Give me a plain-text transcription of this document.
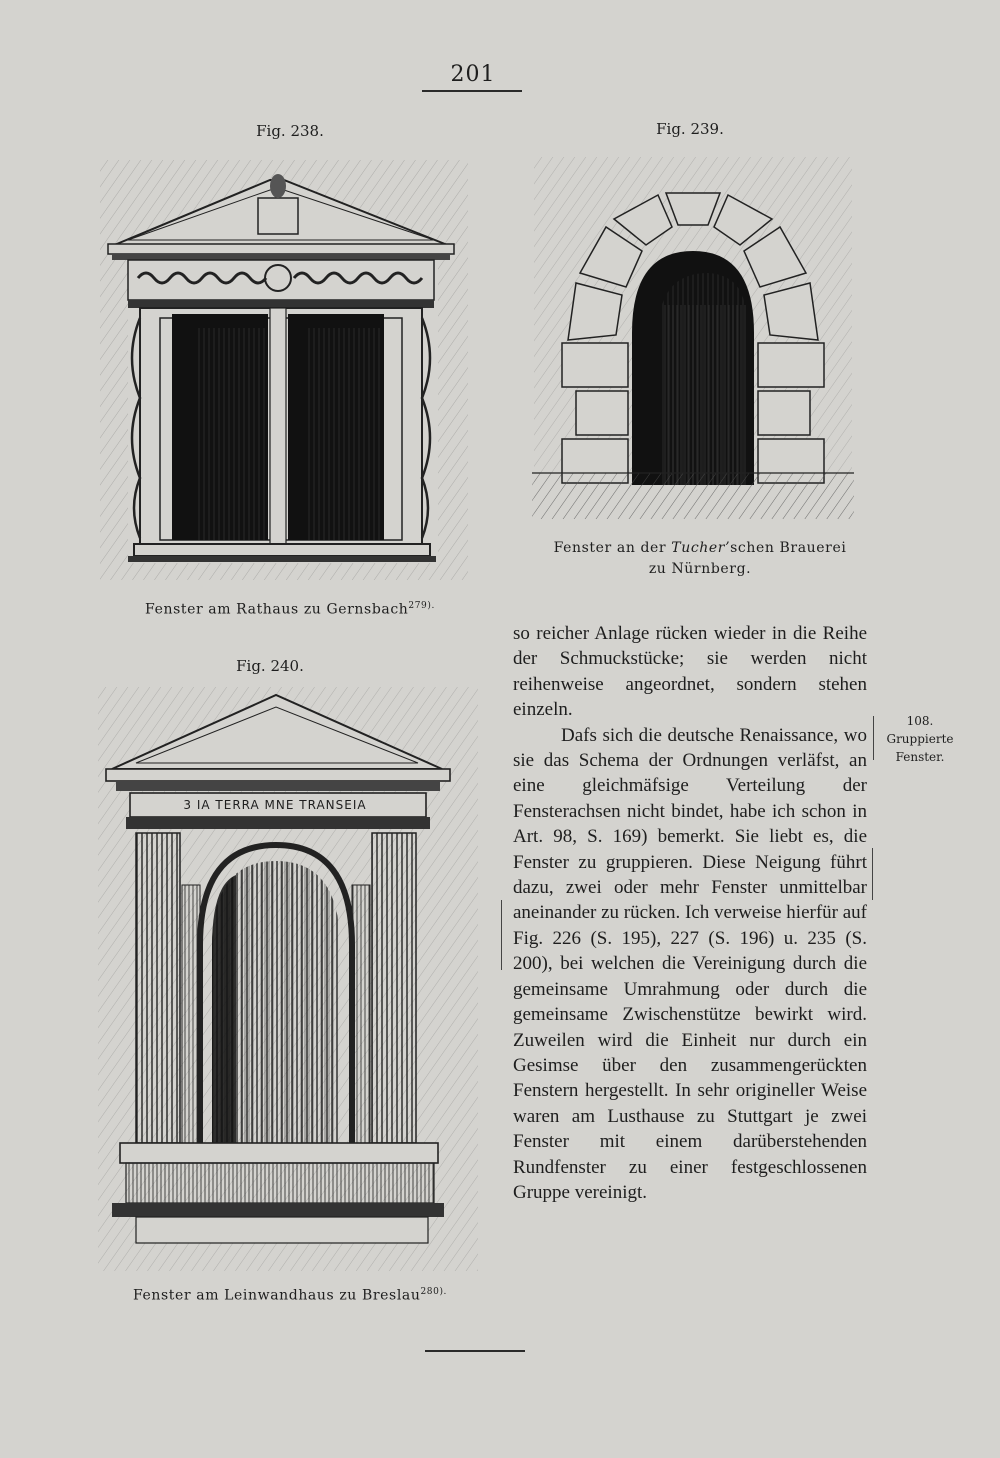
201
Fig. 238.	Fig. 239.
Fig. 240.
3 IA TERRA MNE TRANSEIA
Fenster am Rathaus zu Gernsbach$^{279).}$
Fenster an der Tucher’schen Brauerei
zu Nürnberg.
Fenster am Leinwandhaus zu Breslau$^{280).}$

so reicher Anlage rücken wieder in die Reihe der Schmuckstücke; sie werden nicht reihenweise angeordnet, sondern stehen einzeln.

Dafs sich die deutsche Renaissance, wo sie das Schema der Ordnungen verläfst, an eine gleichmäfsige Verteilung der Fensterachsen nicht bindet, habe ich schon in Art. 98, S. 169) bemerkt. Sie liebt es, die Fenster zu gruppieren. Diese Neigung führt dazu, zwei oder mehr Fenster unmittelbar aneinander zu rücken. Ich verweise hierfür auf Fig. 226 (S. 195), 227 (S. 196) u. 235 (S. 200), bei welchen die Vereinigung durch die gemeinsame Umrahmung oder durch die gemeinsame Zwischenstütze bewirkt wird. Zuweilen wird die Einheit nur durch ein Gesimse über den zusammengerückten Fenstern hergestellt. In sehr origineller Weise waren am Lusthause zu Stuttgart je zwei Fenster mit einem darüberstehenden Rundfenster zu einer festgeschlossenen Gruppe vereinigt.

108.
Gruppierte
Fenster.
